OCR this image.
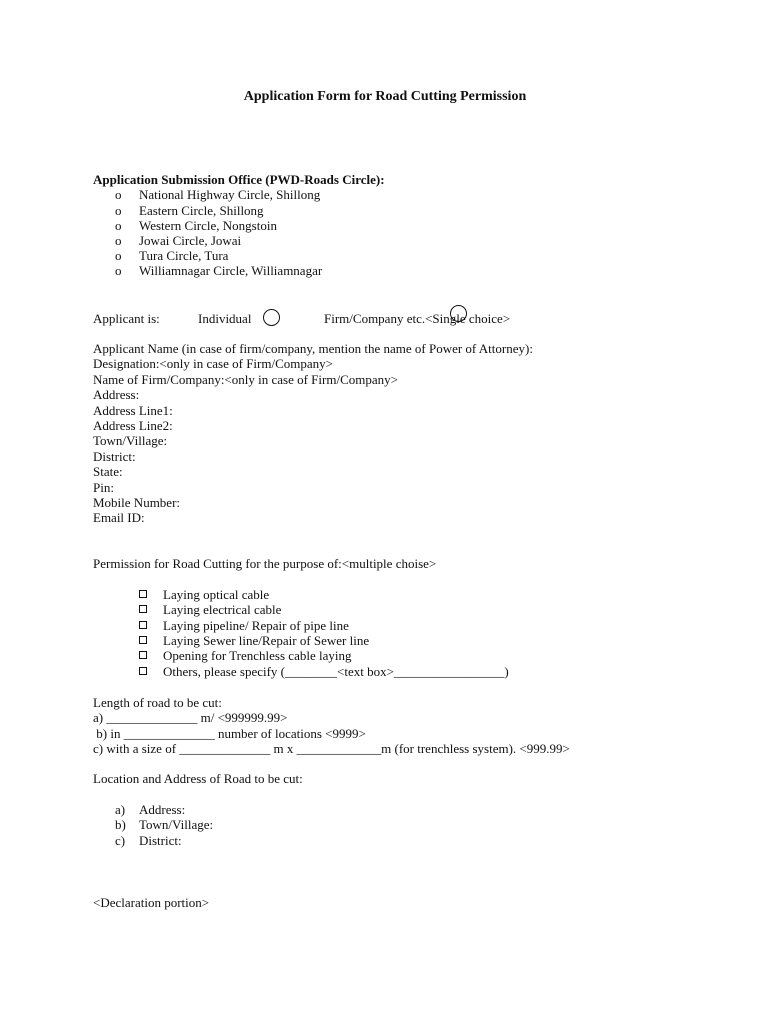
Application Form for Road Cutting Permission
Application Submission Office (PWD-Roads Circle):
o National Highway Circle, Shillong
o Eastern Circle, Shillong
o Western Circle, Nongstoin
o Jowai Circle, Jowai
o Tura Circle, Tura
o Williamnagar Circle, Williamnagar
Applicant is:	Individual	Firm/Company etc.<Single choice>
Applicant Name (in case of firm/company, mention the name of Power of Attorney):
Designation:<only in case of Firm/Company>
Name of Firm/Company:<only in case of Firm/Company>
Address:
Address Line1:
Address Line2:
Town/Village:
District:
State:
Pin:
Mobile Number:
Email ID:
Permission for Road Cutting for the purpose of:<multiple choise>
Laying optical cable
Laying electrical cable
Laying pipeline/ Repair of pipe line
Laying Sewer line/Repair of Sewer line
Opening for Trenchless cable laying
Others, please specify (________<text box>_________________)
Length of road to be cut:
a) ______________ m/ <999999.99>
b) in ______________ number of locations <9999>
c) with a size of ______________ m x _____________m (for trenchless system). <999.99>
Location and Address of Road to be cut:
a) Address:
b) Town/Village:
c) District:
<Declaration portion>
